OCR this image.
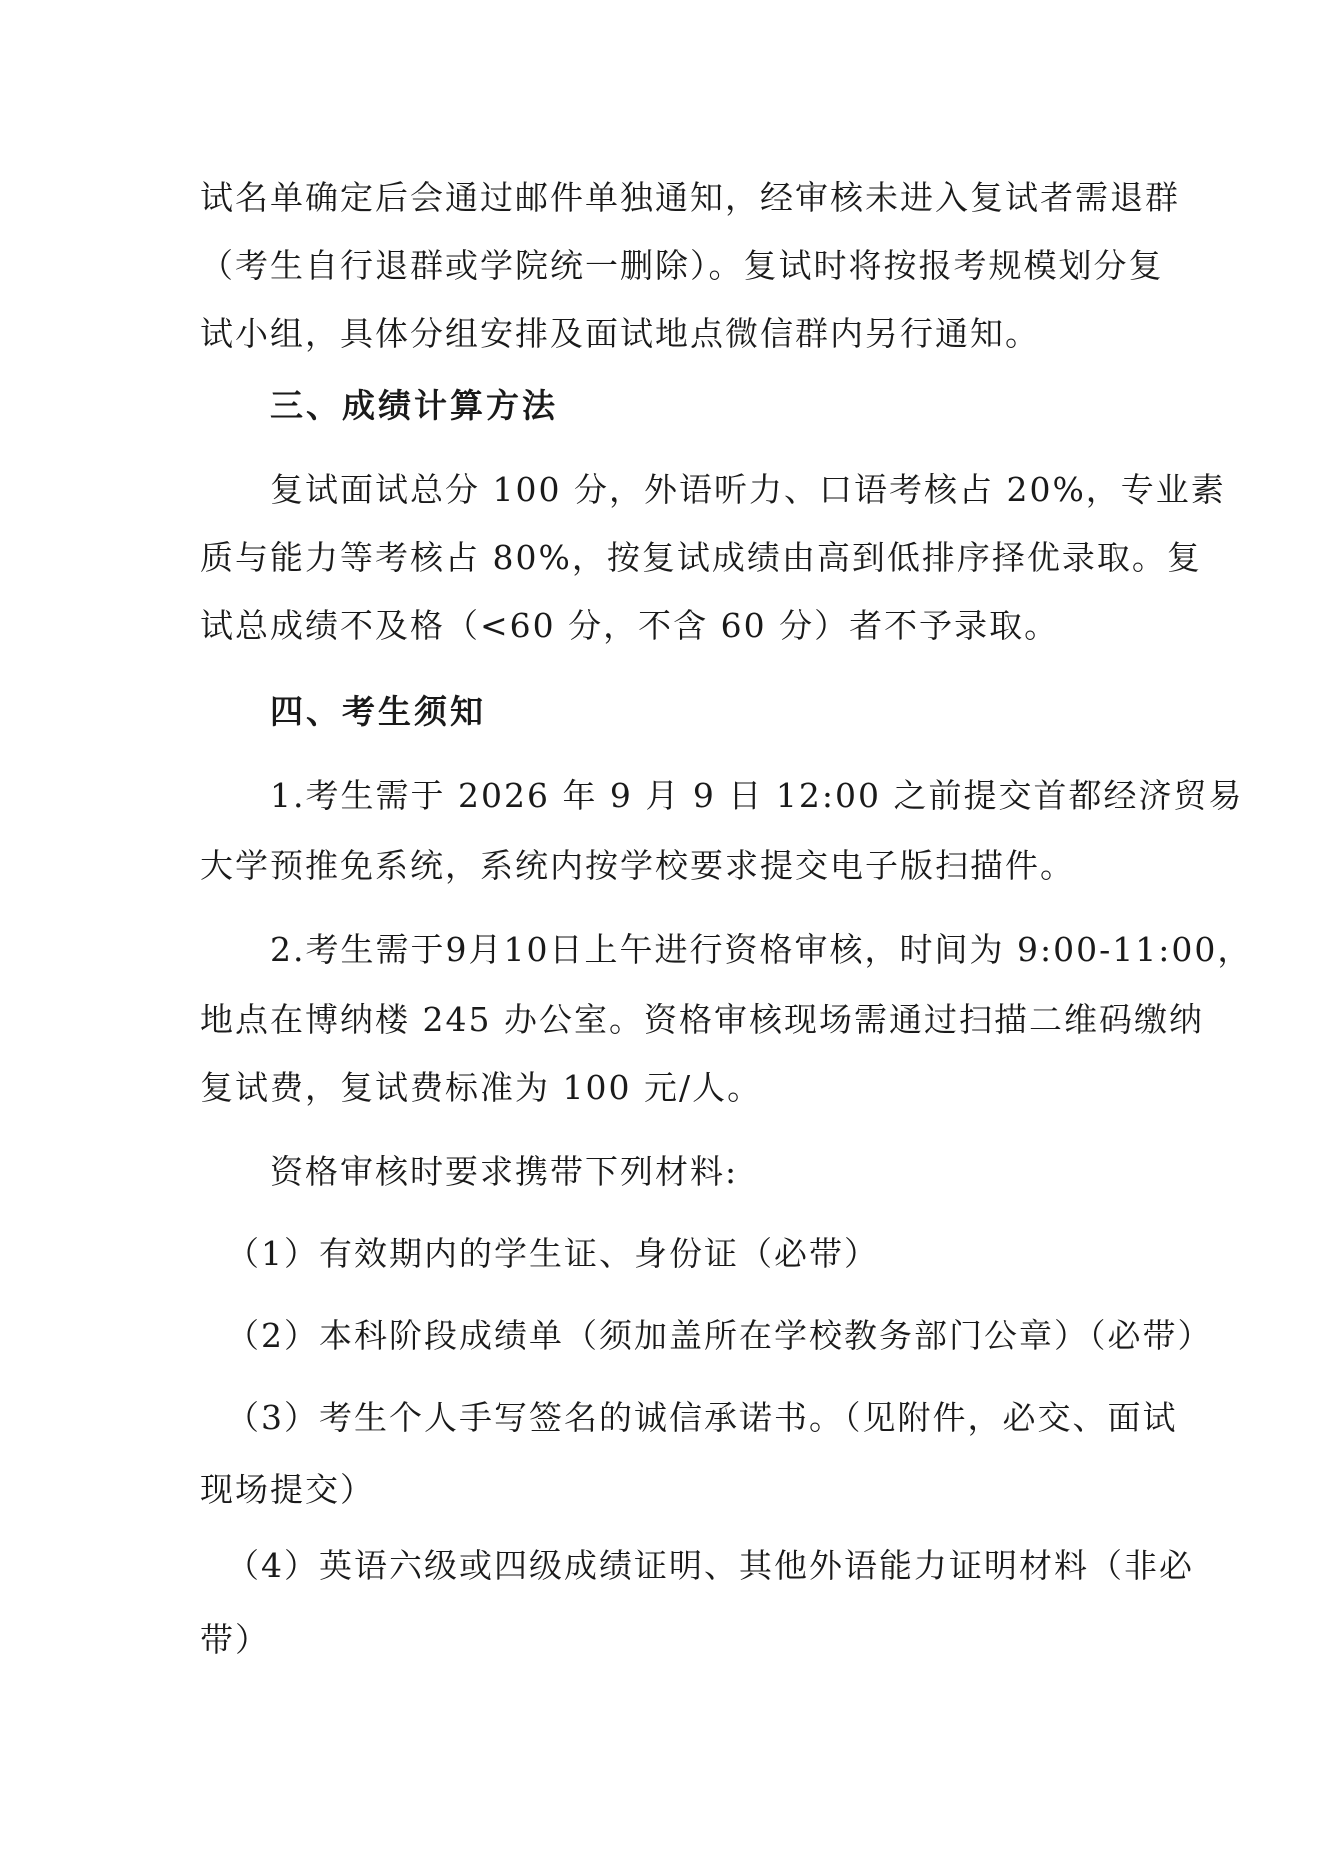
试名单确定后会通过邮件单独通知，经审核未进入复试者需退群
（考生自行退群或学院统一删除）。复试时将按报考规模划分复
试小组，具体分组安排及面试地点微信群内另行通知。
三、成绩计算方法
复试面试总分 100 分，外语听力、口语考核占 20%，专业素
质与能力等考核占 80%，按复试成绩由高到低排序择优录取。复
试总成绩不及格（<60 分，不含 60 分）者不予录取。
四、考生须知
1.考生需于 2026 年 9 月 9 日 12:00 之前提交首都经济贸易
大学预推免系统，系统内按学校要求提交电子版扫描件。
2.考生需于9月10日上午进行资格审核，时间为 9:00-11:00，
地点在博纳楼 245 办公室。资格审核现场需通过扫描二维码缴纳
复试费，复试费标准为 100 元/人。
资格审核时要求携带下列材料:
（1）有效期内的学生证、身份证（必带）
（2）本科阶段成绩单（须加盖所在学校教务部门公章）（必带）
（3）考生个人手写签名的诚信承诺书。（见附件，必交、面试
现场提交）
（4）英语六级或四级成绩证明、其他外语能力证明材料（非必
带）
